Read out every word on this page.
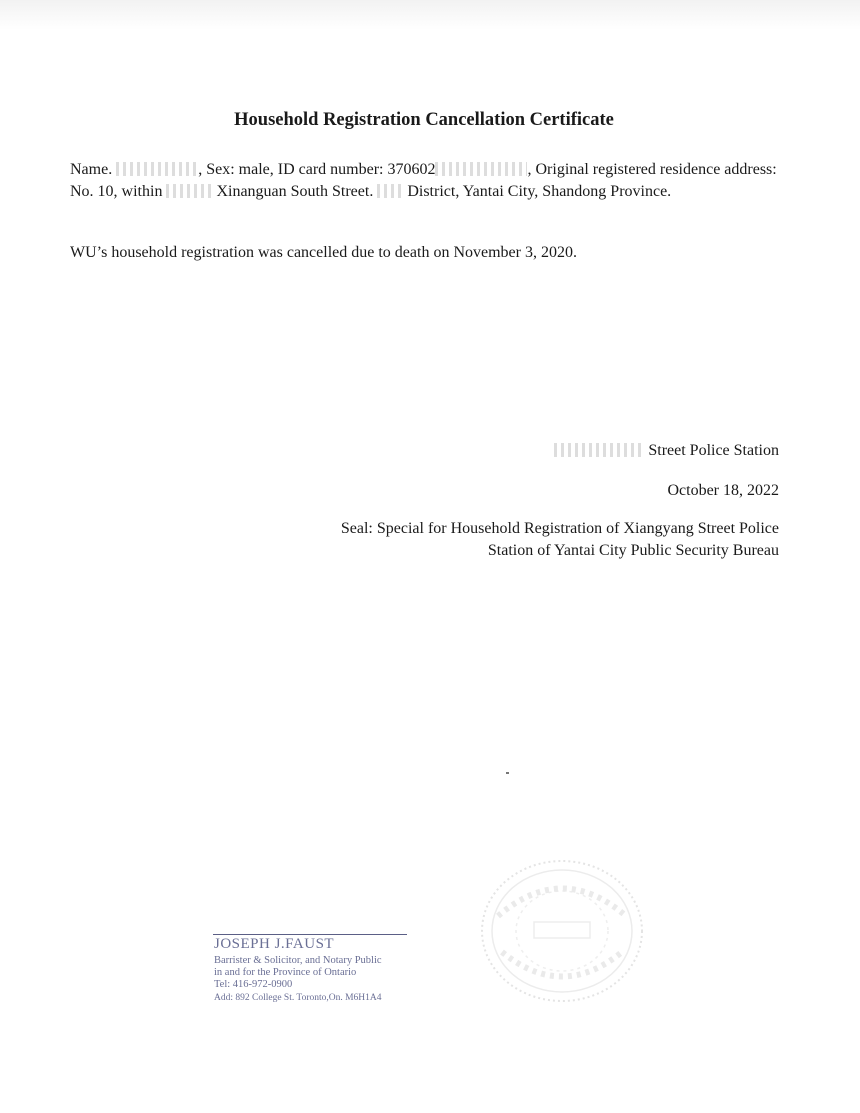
Household Registration Cancellation Certificate
Name.	, Sex: male, ID card number: 370602	, Original registered residence address: No. 10, within	Xinanguan South Street. District, Yantai City, Shandong Province.
WU’s household registration was cancelled due to death on November 3, 2020.
Street Police Station
October 18, 2022
Seal: Special for Household Registration of Xiangyang Street Police
Station of Yantai City Public Security Bureau
JOSEPH J.FAUST
Barrister & Solicitor, and Notary Public
in and for the Province of Ontario
Tel: 416-972-0900
Add: 892 College St. Toronto,On. M6H1A4
